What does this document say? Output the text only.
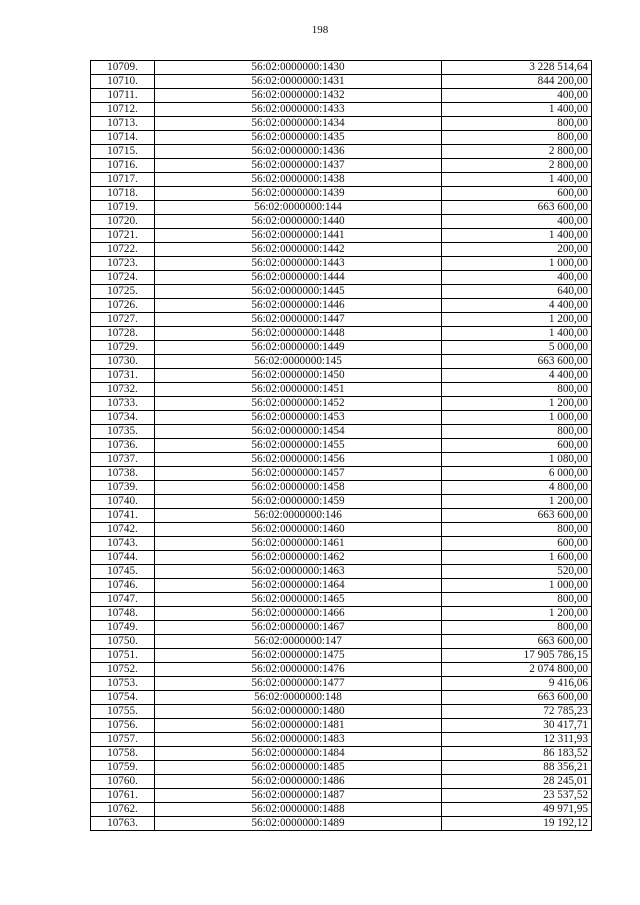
198
10709.	56:02:0000000:1430	3 228 514,64
10710.	56:02:0000000:1431	844 200,00
10711.	56:02:0000000:1432	400,00
10712.	56:02:0000000:1433	1 400,00
10713.	56:02:0000000:1434	800,00
10714.	56:02:0000000:1435	800,00
10715.	56:02:0000000:1436	2 800,00
10716.	56:02:0000000:1437	2 800,00
10717.	56:02:0000000:1438	1 400,00
10718.	56:02:0000000:1439	600,00
10719.	56:02:0000000:144	663 600,00
10720.	56:02:0000000:1440	400,00
10721.	56:02:0000000:1441	1 400,00
10722.	56:02:0000000:1442	200,00
10723.	56:02:0000000:1443	1 000,00
10724.	56:02:0000000:1444	400,00
10725.	56:02:0000000:1445	640,00
10726.	56:02:0000000:1446	4 400,00
10727.	56:02:0000000:1447	1 200,00
10728.	56:02:0000000:1448	1 400,00
10729.	56:02:0000000:1449	5 000,00
10730.	56:02:0000000:145	663 600,00
10731.	56:02:0000000:1450	4 400,00
10732.	56:02:0000000:1451	800,00
10733.	56:02:0000000:1452	1 200,00
10734.	56:02:0000000:1453	1 000,00
10735.	56:02:0000000:1454	800,00
10736.	56:02:0000000:1455	600,00
10737.	56:02:0000000:1456	1 080,00
10738.	56:02:0000000:1457	6 000,00
10739.	56:02:0000000:1458	4 800,00
10740.	56:02:0000000:1459	1 200,00
10741.	56:02:0000000:146	663 600,00
10742.	56:02:0000000:1460	800,00
10743.	56:02:0000000:1461	600,00
10744.	56:02:0000000:1462	1 600,00
10745.	56:02:0000000:1463	520,00
10746.	56:02:0000000:1464	1 000,00
10747.	56:02:0000000:1465	800,00
10748.	56:02:0000000:1466	1 200,00
10749.	56:02:0000000:1467	800,00
10750.	56:02:0000000:147	663 600,00
10751.	56:02:0000000:1475	17 905 786,15
10752.	56:02:0000000:1476	2 074 800,00
10753.	56:02:0000000:1477	9 416,06
10754.	56:02:0000000:148	663 600,00
10755.	56:02:0000000:1480	72 785,23
10756.	56:02:0000000:1481	30 417,71
10757.	56:02:0000000:1483	12 311,93
10758.	56:02:0000000:1484	86 183,52
10759.	56:02:0000000:1485	88 356,21
10760.	56:02:0000000:1486	28 245,01
10761.	56:02:0000000:1487	23 537,52
10762.	56:02:0000000:1488	49 971,95
10763.	56:02:0000000:1489	19 192,12
